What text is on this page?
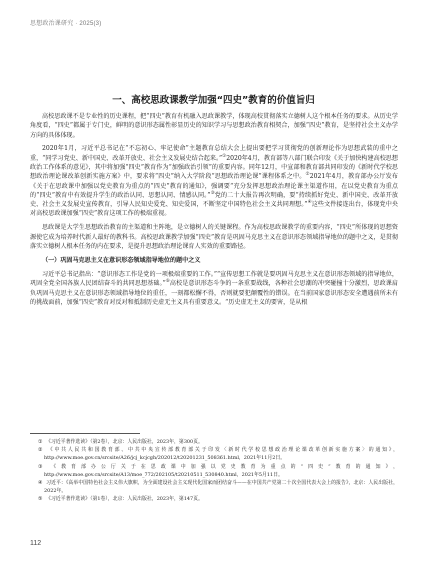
思想政治课研究 · 2025(3)
一、高校思政课教学加强“四史”教育的价值旨归

高校思政课不是专业性的历史课程，把“四史”教育有机融入思政课教学，体现高校贯彻落实立德树人这个根本任务的要求。从历史学角度看，“四史”都属于专门史，鲜明的意识形态属性彰显历史的知识学习与思想政治教育相契合，加强“四史”教育，是坚持社会主义办学方向的具体体现。

2020年1月，习近平总书记在“不忘初心、牢记使命”主题教育总结大会上提出要把学习贯彻党的创新理论作为思想武装的重中之重，“同学习党史、新中国史、改革开放史、社会主义发展史结合起来。”①2020年4月，教育部等八部门联合印发《关于加快构建高校思想政治工作体系的意见》，其中将加强“四史”教育作为“加强政治引领”的重要内容。同年12月，中宣部和教育部共同印发的《新时代学校思想政治理论课改革创新实施方案》中，要求将“四史”纳入大学阶段“思想政治理论课”课程体系之中。②2021年4月，教育部办公厅发布《关于在思政课中加强以党史教育为重点的“四史”教育的通知》，强调要“充分发挥思想政治理论课主渠道作用，在以党史教育为重点的“四史”教育中有效提升学生的政治认同、思想认同、情感认同。”③党的二十大报告再次明确，要“持续抓好党史、新中国史、改革开放史、社会主义发展史宣传教育，引导人民知史爱党、知史爱国，不断坚定中国特色社会主义共同理想。”④这些文件接连出台，体现党中央对高校思政课加强“四史”教育这项工作的极端重视。

思政课是大学生思想政治教育的主渠道和主阵地，是立德树人的关键课程。作为高校思政课教学的重要内容，“四史”所体现的思想资源使它成为培养时代新人最好的教科书。高校思政课教学加强“四史”教育是巩固马克思主义在意识形态领域指导地位的题中之义，是贯彻落实立德树人根本任务的内在要求，是提升思想政治理论课育人实效的重要路径。

（一）巩固马克思主义在意识形态领域指导地位的题中之义

习近平总书记指出：“意识形态工作是党的一项极端重要的工作。”“宣传思想工作就是要巩固马克思主义在意识形态领域的指导地位，巩固全党全国各族人民团结奋斗的共同思想基础。”⑤高校是意识形态斗争的一条重要战线，各种社会思潮的冲突碰撞十分激烈，思政课肩负巩固马克思主义在意识形态领域指导地位的重任，一刻都松懈不得，否则就要犯颠覆性的错误。在当前国家意识形态安全遭遇前所未有的挑战面前，加强“四史”教育对反对和抵制历史虚无主义具有重要意义。“历史虚无主义的要害，是从根

① 《习近平著作选读》（第2卷），北京：人民出版社，2023年，第300页。

② 《中共人民共和国教育部、中共中央宣传部教育部关于印发〈新时代学校思想政治理论课改革创新实施方案〉的通知》，http://www.moe.gov.cn/srcsite/A26/jcj_kcjcgh/202012/t20201231_508361.html，2021年11月2日。

③ 《教育部办公厅关于在思政课中加强以党史教育为重点的“四史”教育的通知》，http://www.moe.gov.cn/srcsite/A13/moe_772/202105/t20210511_530840.html，2021年5月11日。

④ 习近平：《高举中国特色社会主义伟大旗帜，为全面建设社会主义现代化国家而团结奋斗——在中国共产党第二十次全国代表大会上的报告》，北京：人民出版社，2022年。

⑤ 《习近平著作选读》（第1卷），北京：人民出版社，2023年，第147页。

112
